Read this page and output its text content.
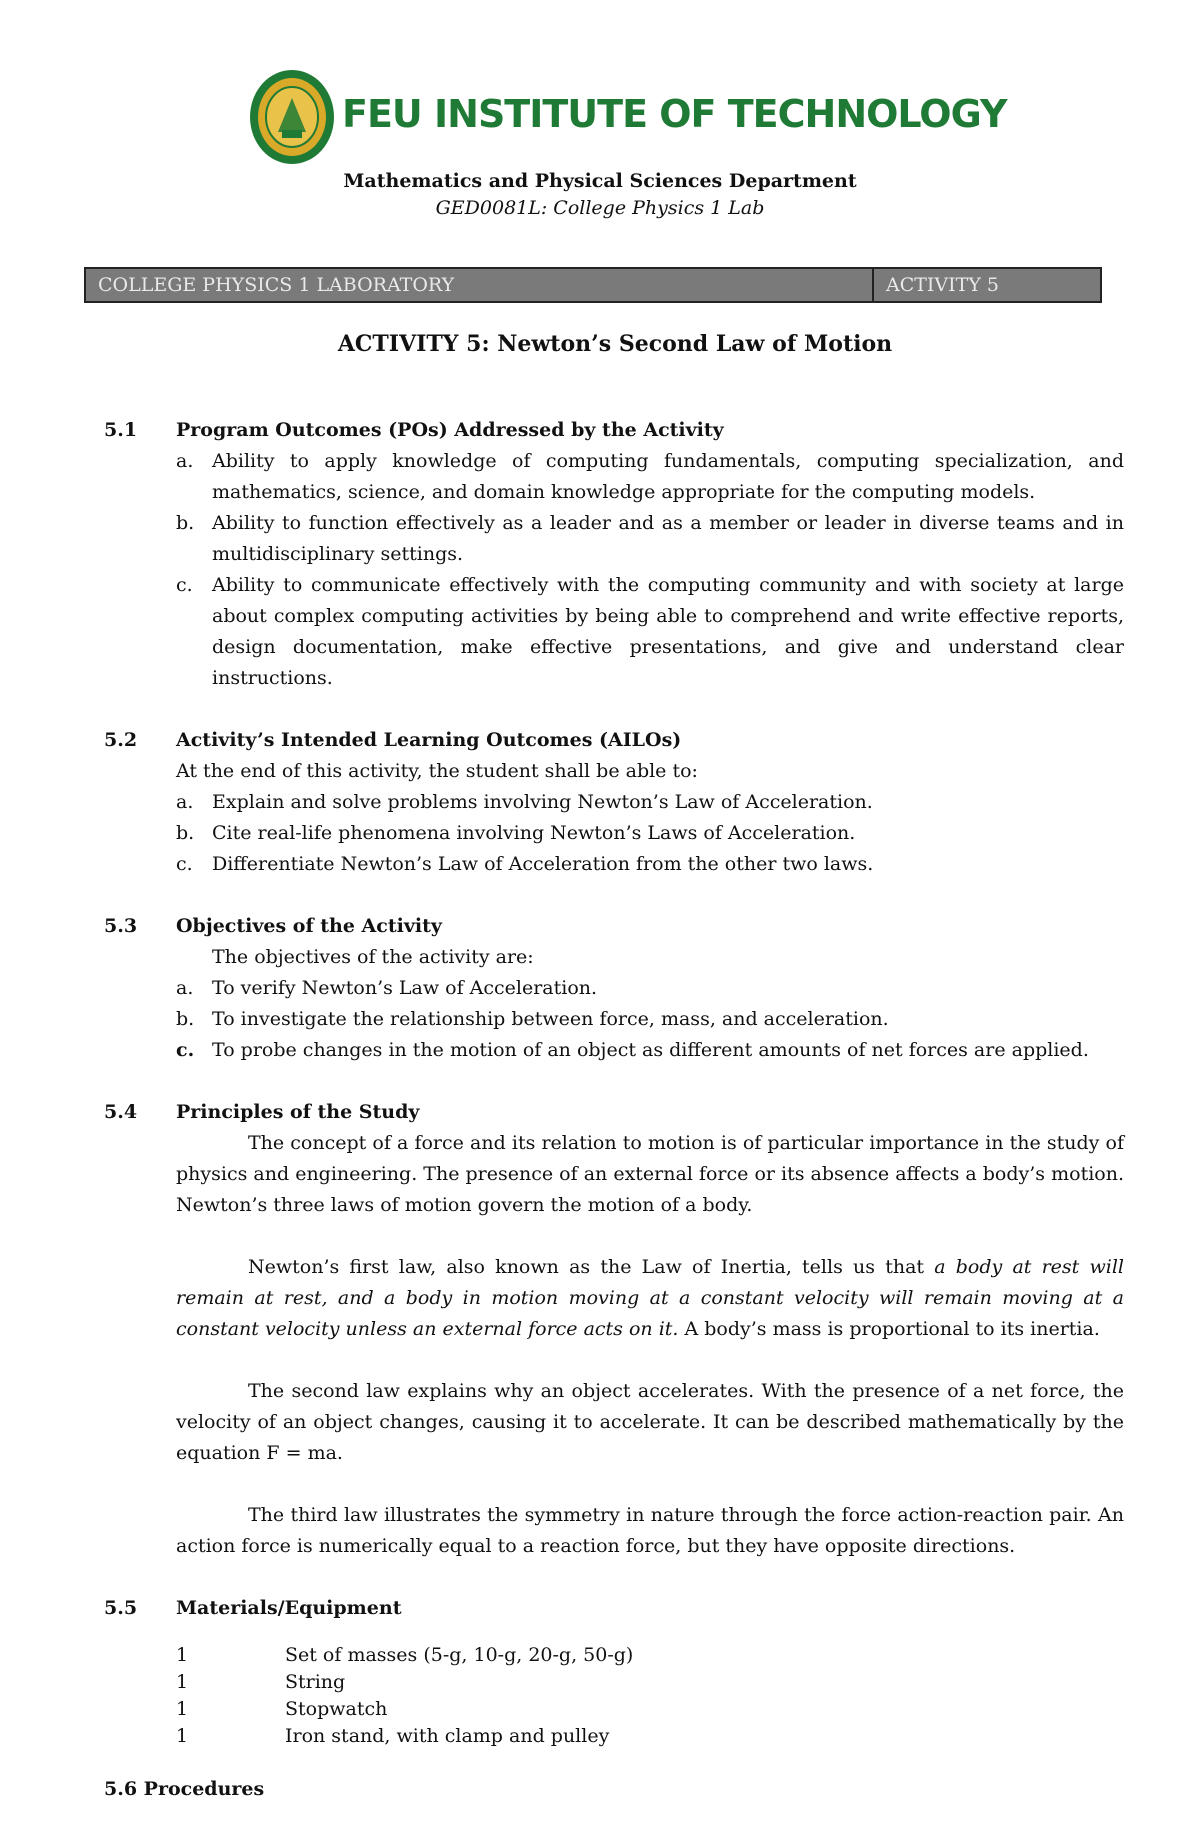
FEU INSTITUTE OF TECHNOLOGY
Mathematics and Physical Sciences Department
GED0081L: College Physics 1 Lab
COLLEGE PHYSICS 1 LABORATORY	ACTIVITY 5
ACTIVITY 5: Newton’s Second Law of Motion
5.1 Program Outcomes (POs) Addressed by the Activity
a. Ability to apply knowledge of computing fundamentals, computing specialization, and mathematics, science, and domain knowledge appropriate for the computing models.
b. Ability to function effectively as a leader and as a member or leader in diverse teams and in multidisciplinary settings.
c. Ability to communicate effectively with the computing community and with society at large about complex computing activities by being able to comprehend and write effective reports, design documentation, make effective presentations, and give and understand clear instructions.
5.2 Activity’s Intended Learning Outcomes (AILOs)
At the end of this activity, the student shall be able to:
a. Explain and solve problems involving Newton’s Law of Acceleration.
b. Cite real-life phenomena involving Newton’s Laws of Acceleration.
c. Differentiate Newton’s Law of Acceleration from the other two laws.
5.3 Objectives of the Activity
The objectives of the activity are:
a. To verify Newton’s Law of Acceleration.
b. To investigate the relationship between force, mass, and acceleration.
c. To probe changes in the motion of an object as different amounts of net forces are applied.
5.4 Principles of the Study
The concept of a force and its relation to motion is of particular importance in the study of physics and engineering. The presence of an external force or its absence affects a body’s motion. Newton’s three laws of motion govern the motion of a body.
Newton’s first law, also known as the Law of Inertia, tells us that a body at rest will remain at rest, and a body in motion moving at a constant velocity will remain moving at a constant velocity unless an external force acts on it. A body’s mass is proportional to its inertia.
The second law explains why an object accelerates. With the presence of a net force, the velocity of an object changes, causing it to accelerate. It can be described mathematically by the equation F = ma.
The third law illustrates the symmetry in nature through the force action-reaction pair. An action force is numerically equal to a reaction force, but they have opposite directions.
5.5 Materials/Equipment
1	Set of masses (5-g, 10-g, 20-g, 50-g)
1	String
1	Stopwatch
1	Iron stand, with clamp and pulley
5.6 Procedures
